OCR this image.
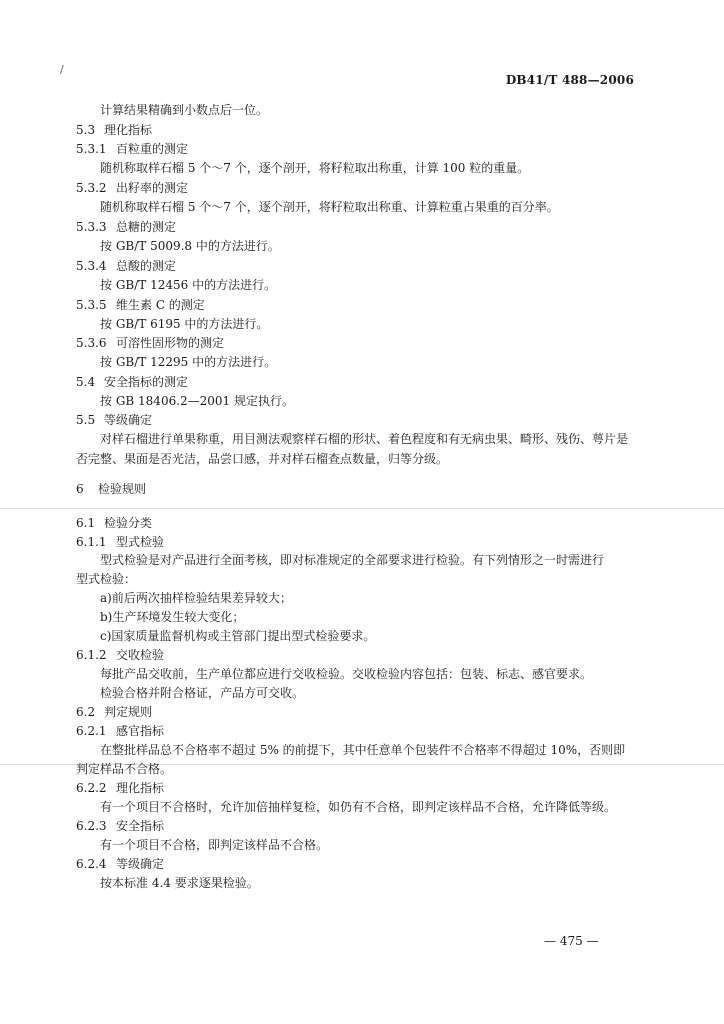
∕
DB41/T 488—2006
计算结果精确到小数点后一位。
5.3 理化指标
5.3.1 百粒重的测定
随机称取样石榴 5 个～7 个，逐个剖开，将籽粒取出称重，计算 100 粒的重量。
5.3.2 出籽率的测定
随机称取样石榴 5 个～7 个，逐个剖开，将籽粒取出称重、计算粒重占果重的百分率。
5.3.3 总糖的测定
按 GB/T 5009.8 中的方法进行。
5.3.4 总酸的测定
按 GB/T 12456 中的方法进行。
5.3.5 维生素 C 的测定
按 GB/T 6195 中的方法进行。
5.3.6 可溶性固形物的测定
按 GB/T 12295 中的方法进行。
5.4 安全指标的测定
按 GB 18406.2—2001 规定执行。
5.5 等级确定
对样石榴进行单果称重，用目测法观察样石榴的形状、着色程度和有无病虫果、畸形、残伤、萼片是
否完整、果面是否光洁，品尝口感，并对样石榴查点数量，归等分级。
6 检验规则
6.1 检验分类
6.1.1 型式检验
型式检验是对产品进行全面考核，即对标准规定的全部要求进行检验。有下列情形之一时需进行
型式检验：
a)前后两次抽样检验结果差异较大；
b)生产环境发生较大变化；
c)国家质量监督机构或主管部门提出型式检验要求。
6.1.2 交收检验
每批产品交收前，生产单位都应进行交收检验。交收检验内容包括：包装、标志、感官要求。
检验合格并附合格证，产品方可交收。
6.2 判定规则
6.2.1 感官指标
在整批样品总不合格率不超过 5% 的前提下，其中任意单个包装件不合格率不得超过 10%，否则即
判定样品不合格。
6.2.2 理化指标
有一个项目不合格时，允许加倍抽样复检，如仍有不合格，即判定该样品不合格，允许降低等级。
6.2.3 安全指标
有一个项目不合格，即判定该样品不合格。
6.2.4 等级确定
按本标准 4.4 要求逐果检验。
— 475 —
